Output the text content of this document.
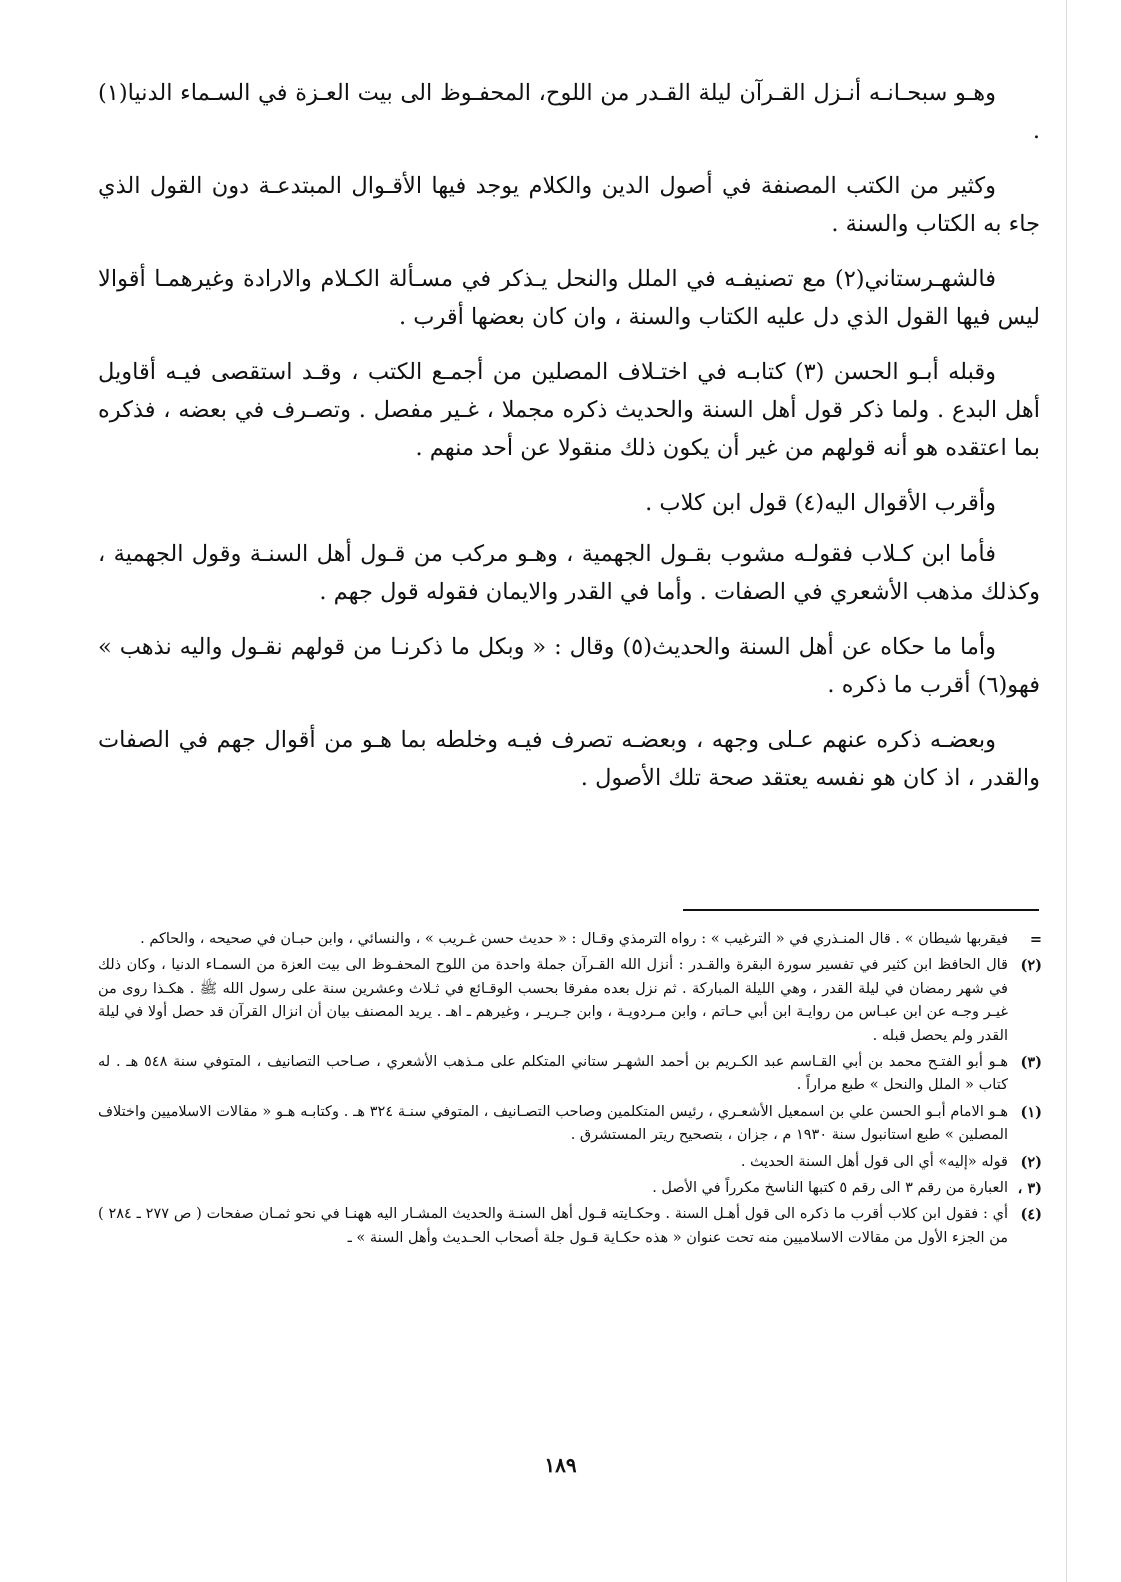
وهـو سبحـانـه أنـزل القـرآن ليلة القـدر من اللوح، المحفـوظ الى بيت العـزة في السـماء الدنيا(١) .

وكثير من الكتب المصنفة في أصول الدين والكلام يوجد فيها الأقـوال المبتدعـة دون القول الذي جاء به الكتاب والسنة .

فالشهـرستاني(٢) مع تصنيفـه في الملل والنحل يـذكر في مسـألة الكـلام والارادة وغيرهمـا أقوالا ليس فيها القول الذي دل عليه الكتاب والسنة ، وان كان بعضها أقرب .

وقبله أبـو الحسن (٣) كتابـه في اختـلاف المصلين من أجمـع الكتب ، وقـد استقصى فيـه أقاويل أهل البدع . ولما ذكر قول أهل السنة والحديث ذكره مجملا ، غـير مفصل . وتصـرف في بعضه ، فذكره بما اعتقده هو أنه قولهم من غير أن يكون ذلك منقولا عن أحد منهم .

وأقرب الأقوال اليه(٤) قول ابن كلاب .

فأما ابن كـلاب فقولـه مشوب بقـول الجهمية ، وهـو مركب من قـول أهل السنـة وقول الجهمية ، وكذلك مذهب الأشعري في الصفات . وأما في القدر والايمان فقوله قول جهم .

وأما ما حكاه عن أهل السنة والحديث(٥) وقال : « وبكل ما ذكرنـا من قولهم نقـول واليه نذهب » فهو(٦) أقرب ما ذكره .

وبعضـه ذكره عنهم عـلى وجهه ، وبعضـه تصرف فيـه وخلطه بما هـو من أقوال جهم في الصفات والقدر ، اذ كان هو نفسه يعتقد صحة تلك الأصول .

=
فيقربها شيطان » . قال المنـذري في « الترغيب » : رواه الترمذي وقـال : « حديث حسن غـريب » ، والنسائي ، وابن حبـان في صحيحه ، والحاكم .
(٢)
قال الحافظ ابن كثير في تفسير سورة البقرة والقـدر : أنزل الله القـرآن جملة واحدة من اللوح المحفـوظ الى بيت العزة من السمـاء الدنيا ، وكان ذلك في شهر رمضان في ليلة القدر ، وهي الليلة المباركة . ثم نزل بعده مفرقا بحسب الوقـائع في ثـلاث وعشرين سنة على رسول الله ﷺ . هكـذا روى من غيـر وجـه عن ابن عبـاس من روايـة ابن أبي حـاتم ، وابن مـردويـة ، وابن جـريـر ، وغيرهم ـ اهـ . يريد المصنف بيان أن انزال القرآن قد حصل أولا في ليلة القدر ولم يحصل قبله .
(٣)
هـو أبو الفتـح محمد بن أبي القـاسم عبد الكـريم بن أحمد الشهـر ستاني المتكلم على مـذهب الأشعري ، صـاحب التصانيف ، المتوفي سنة ٥٤٨ هـ . له كتاب « الملل والنحل » طبع مراراً .
(١)
هـو الامام أبـو الحسن علي بن اسمعيل الأشعـري ، رئيس المتكلمين وصاحب التصـانيف ، المتوفي سنـة ٣٢٤ هـ . وكتابـه هـو « مقالات الاسلاميين واختلاف المصلين » طبع استانبول سنة ١٩٣٠ م ، جزان ، بتصحيح ريتر المستشرق .
(٢)
قوله «إليه» أي الى قول أهل السنة الحديث .
(٣ ،
العبارة من رقم ٣ الى رقم ٥ كتبها الناسخ مكرراً في الأصل .
(٤)
أي : فقول ابن كلاب أقرب ما ذكره الى قول أهـل السنة . وحكـايته قـول أهل السنـة والحديث المشـار اليه ههنـا في نحو ثمـان صفحات ( ص ٢٧٧ ـ ٢٨٤ ) من الجزء الأول من مقالات الاسلاميين منه تحت عنوان « هذه حكـاية قـول جلة أصحاب الحـديث وأهل السنة » ـ
١٨٩
